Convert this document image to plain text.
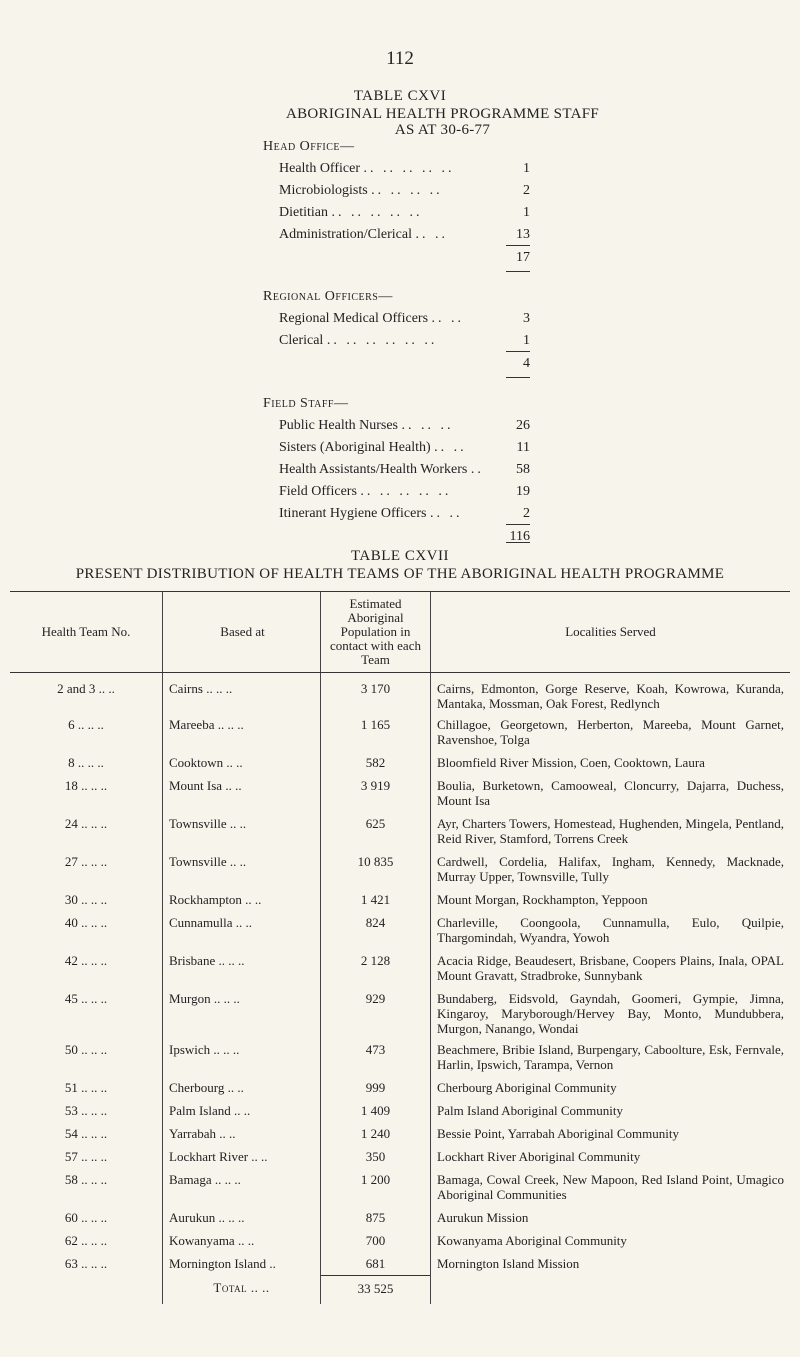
112
TABLE CXVI
ABORIGINAL HEALTH PROGRAMME STAFF
AS AT 30-6-77
Head Office—
Health Officer .. .. .. .. ..	1
Microbiologists .. .. .. ..	2
Dietitian .. .. .. .. ..	1
Administration/Clerical .. ..	13
17
Regional Officers—
Regional Medical Officers .. ..	3
Clerical .. .. .. .. .. ..	1
4
Field Staff—
Public Health Nurses .. .. ..	26
Sisters (Aboriginal Health) .. ..	11
Health Assistants/Health Workers .. 58
Field Officers .. .. .. .. ..	19
Itinerant Hygiene Officers .. ..	2
116
TABLE CXVII
PRESENT DISTRIBUTION OF HEALTH TEAMS OF THE ABORIGINAL HEALTH PROGRAMME
Health Team No.	Based at	Estimated Aboriginal Population in contact with each Team	Localities Served
2 and 3 .. ..	Cairns .. .. ..	3 170	Cairns, Edmonton, Gorge Reserve, Koah, Kowrowa, Kuranda, Mantaka, Mossman, Oak Forest, Redlynch
6 .. .. ..	Mareeba .. .. ..	1 165	Chillagoe, Georgetown, Herberton, Mareeba, Mount Garnet, Ravenshoe, Tolga
8 .. .. ..	Cooktown .. ..	582	Bloomfield River Mission, Coen, Cooktown, Laura
18 .. .. ..	Mount Isa .. ..	3 919	Boulia, Burketown, Camooweal, Cloncurry, Dajarra, Duchess, Mount Isa
24 .. .. ..	Townsville .. ..	625	Ayr, Charters Towers, Homestead, Hughenden, Mingela, Pentland, Reid River, Stamford, Torrens Creek
27 .. .. ..	Townsville .. ..	10 835	Cardwell, Cordelia, Halifax, Ingham, Kennedy, Macknade, Murray Upper, Townsville, Tully
30 .. .. ..	Rockhampton .. ..	1 421	Mount Morgan, Rockhampton, Yeppoon
40 .. .. ..	Cunnamulla .. ..	824	Charleville, Coongoola, Cunnamulla, Eulo, Quilpie, Thargomindah, Wyandra, Yowoh
42 .. .. ..	Brisbane .. .. ..	2 128	Acacia Ridge, Beaudesert, Brisbane, Coopers Plains, Inala, OPAL Mount Gravatt, Stradbroke, Sunnybank
45 .. .. ..	Murgon .. .. ..	929	Bundaberg, Eidsvold, Gayndah, Goomeri, Gympie, Jimna, Kingaroy, Maryborough/Hervey Bay, Monto, Mundubbera, Murgon, Nanango, Wondai
50 .. .. ..	Ipswich .. .. ..	473	Beachmere, Bribie Island, Burpengary, Caboolture, Esk, Fernvale, Harlin, Ipswich, Tarampa, Vernon
51 .. .. ..	Cherbourg .. ..	999	Cherbourg Aboriginal Community
53 .. .. ..	Palm Island .. ..	1 409	Palm Island Aboriginal Community
54 .. .. ..	Yarrabah .. ..	1 240	Bessie Point, Yarrabah Aboriginal Community
57 .. .. ..	Lockhart River .. ..	350	Lockhart River Aboriginal Community
58 .. .. ..	Bamaga .. .. ..	1 200	Bamaga, Cowal Creek, New Mapoon, Red Island Point, Umagico Aboriginal Communities
60 .. .. ..	Aurukun .. .. ..	875	Aurukun Mission
62 .. .. ..	Kowanyama .. ..	700	Kowanyama Aboriginal Community
63 .. .. ..	Mornington Island ..	681	Mornington Island Mission
	Total .. ..	33 525	
